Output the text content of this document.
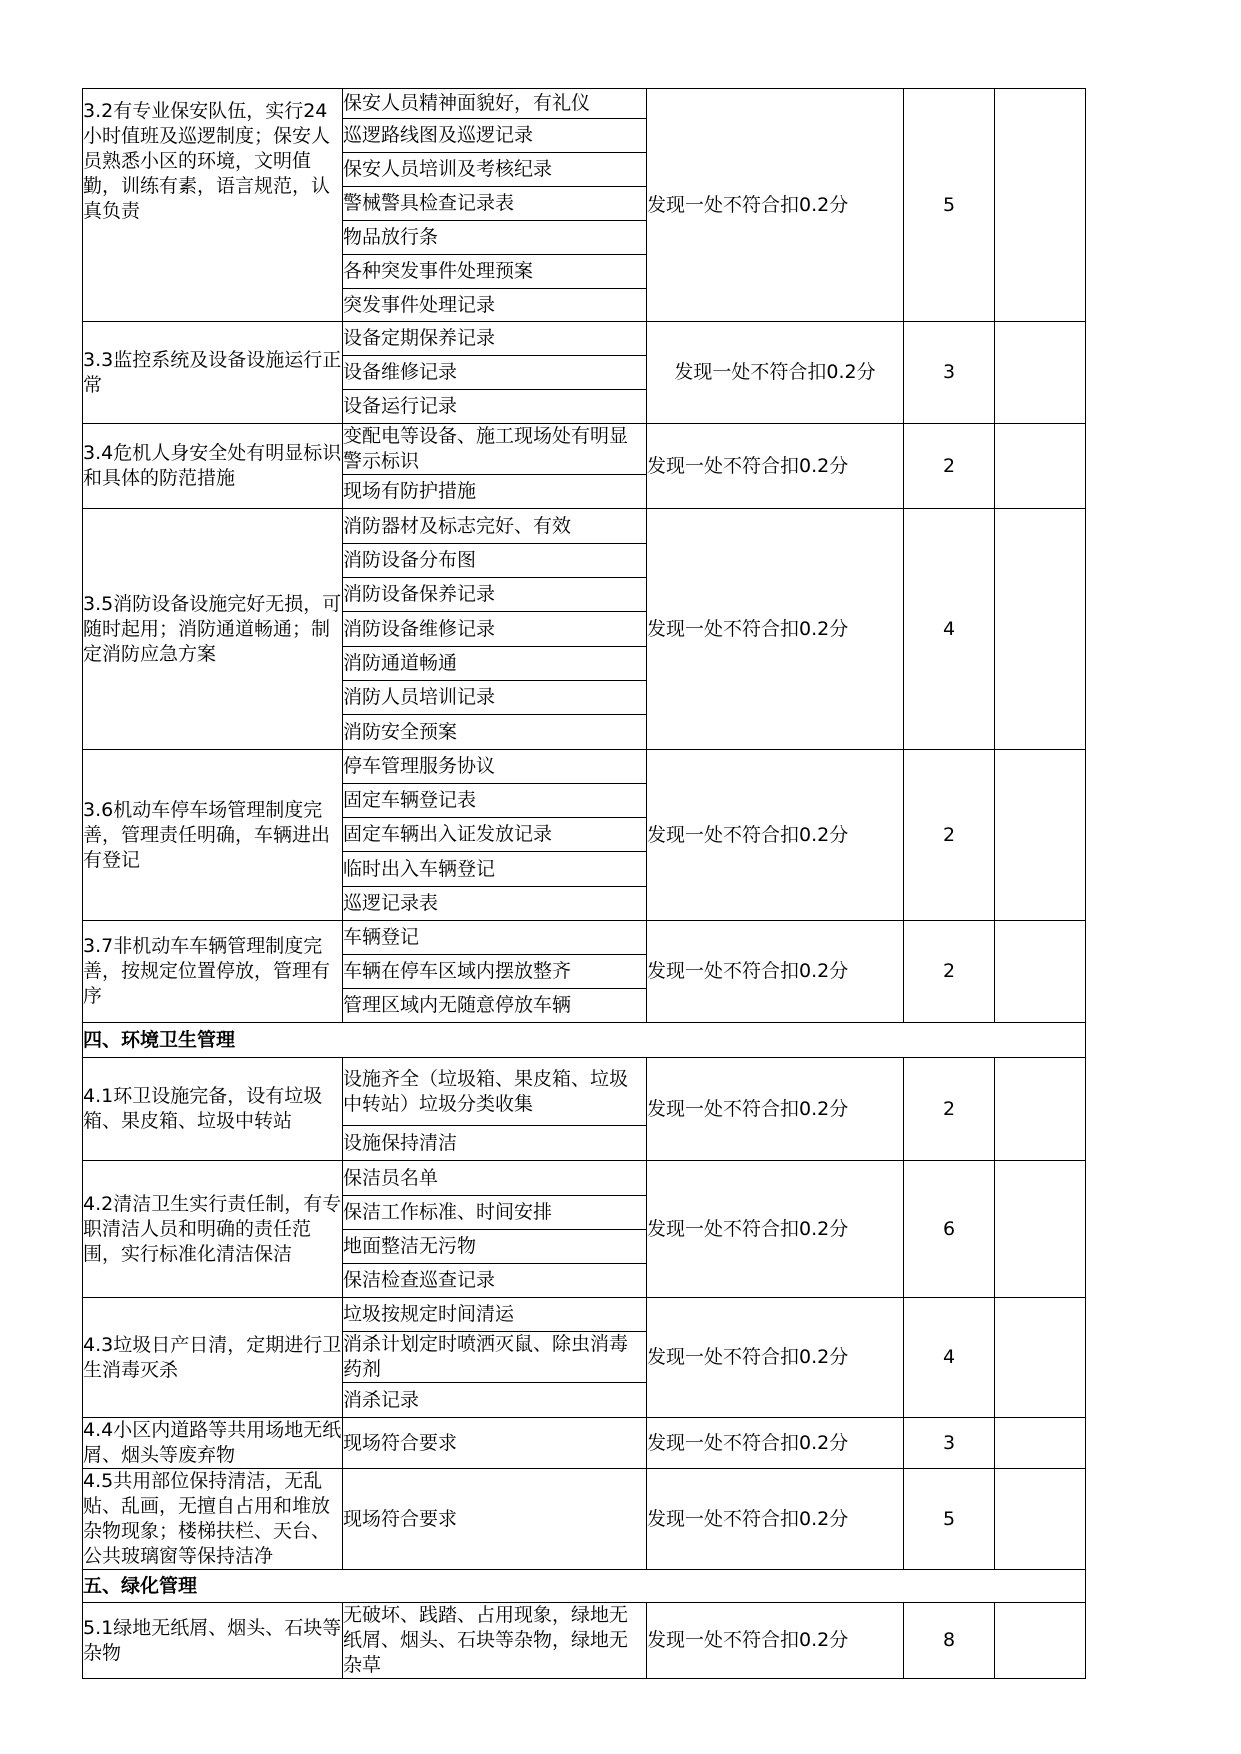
3.2有专业保安队伍，实行24小时值班及巡逻制度；保安人员熟悉小区的环境，文明值勤，训练有素，语言规范，认真负责	保安人员精神面貌好，有礼仪	发现一处不符合扣0.2分	5	
	巡逻路线图及巡逻记录			
	保安人员培训及考核纪录			
	警械警具检查记录表			
	物品放行条			
	各种突发事件处理预案			
	突发事件处理记录			
3.3监控系统及设备设施运行正常	设备定期保养记录	发现一处不符合扣0.2分	3	
	设备维修记录			
	设备运行记录			
3.4危机人身安全处有明显标识和具体的防范措施	变配电等设备、施工现场处有明显警示标识	发现一处不符合扣0.2分	2	
	现场有防护措施			
3.5消防设备设施完好无损，可随时起用；消防通道畅通；制定消防应急方案	消防器材及标志完好、有效	发现一处不符合扣0.2分	4	
	消防设备分布图			
	消防设备保养记录			
	消防设备维修记录			
	消防通道畅通			
	消防人员培训记录			
	消防安全预案			
3.6机动车停车场管理制度完善，管理责任明确，车辆进出有登记	停车管理服务协议	发现一处不符合扣0.2分	2	
	固定车辆登记表			
	固定车辆出入证发放记录			
	临时出入车辆登记			
	巡逻记录表			
3.7非机动车车辆管理制度完善，按规定位置停放，管理有序	车辆登记	发现一处不符合扣0.2分	2	
	车辆在停车区域内摆放整齐			
	管理区域内无随意停放车辆			
四、环境卫生管理				
4.1环卫设施完备，设有垃圾箱、果皮箱、垃圾中转站	设施齐全（垃圾箱、果皮箱、垃圾中转站）垃圾分类收集	发现一处不符合扣0.2分	2	
	设施保持清洁			
4.2清洁卫生实行责任制，有专职清洁人员和明确的责任范围，实行标准化清洁保洁	保洁员名单	发现一处不符合扣0.2分	6	
	保洁工作标准、时间安排			
	地面整洁无污物			
	保洁检查巡查记录			
4.3垃圾日产日清，定期进行卫生消毒灭杀	垃圾按规定时间清运	发现一处不符合扣0.2分	4	
	消杀计划定时喷洒灭鼠、除虫消毒药剂			
	消杀记录			
4.4小区内道路等共用场地无纸屑、烟头等废弃物	现场符合要求	发现一处不符合扣0.2分	3	
4.5共用部位保持清洁，无乱贴、乱画，无擅自占用和堆放杂物现象；楼梯扶栏、天台、公共玻璃窗等保持洁净	现场符合要求	发现一处不符合扣0.2分	5	
五、绿化管理				
5.1绿地无纸屑、烟头、石块等杂物	无破坏、践踏、占用现象，绿地无纸屑、烟头、石块等杂物，绿地无杂草	发现一处不符合扣0.2分	8	
